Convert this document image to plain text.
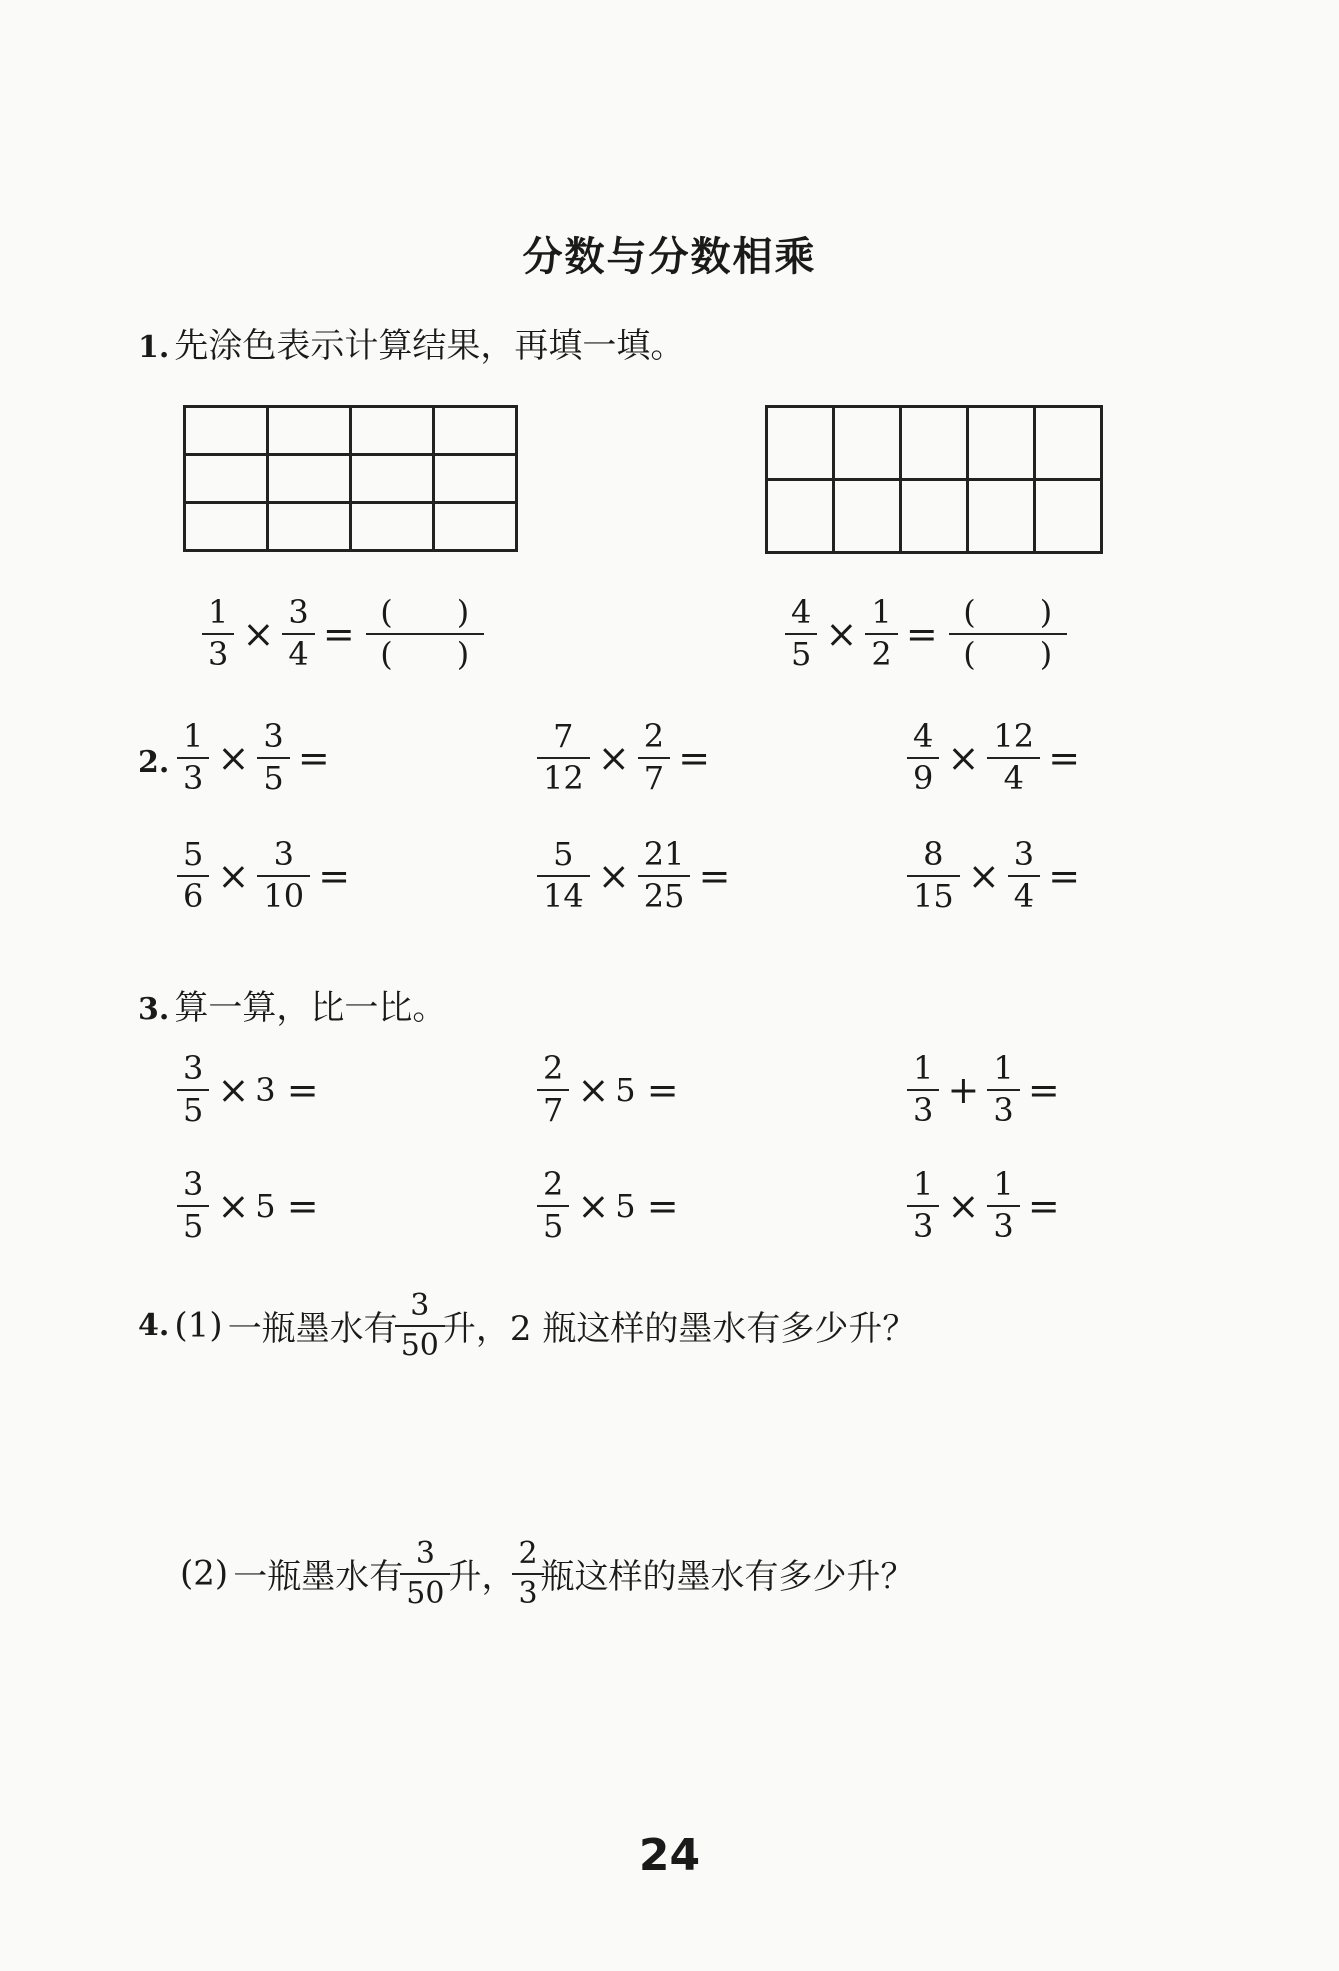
分数与分数相乘
1. 先涂色表示计算结果，再填一填。

$\frac{1}{3} \times \frac{3}{4} = \frac{( )}{( )}$	$\frac{4}{5} \times \frac{1}{2} = \frac{( )}{( )}$
2. $\frac{1}{3} \times \frac{3}{5}$ =	$\frac{7}{12} \times \frac{2}{7}$ =	$\frac{4}{9} \times \frac{12}{4}$ =
$\frac{5}{6} \times \frac{3}{10}$ =	$\frac{5}{14} \times \frac{21}{25}$ =	$\frac{8}{15} \times \frac{3}{4}$ =
3. 算一算，比一比。
$\frac{3}{5} \times 3$ =	$\frac{2}{7} \times 5$ =	$\frac{1}{3} + \frac{1}{3}$ =
$\frac{3}{5} \times 5$ =	$\frac{2}{5} \times 5$ =	$\frac{1}{3} \times \frac{1}{3}$ =
4. (1) 一瓶墨水有 $\frac{3}{50}$ 升，2 瓶这样的墨水有多少升？
(2) 一瓶墨水有 $\frac{3}{50}$ 升， $\frac{2}{3}$ 瓶这样的墨水有多少升？
24
